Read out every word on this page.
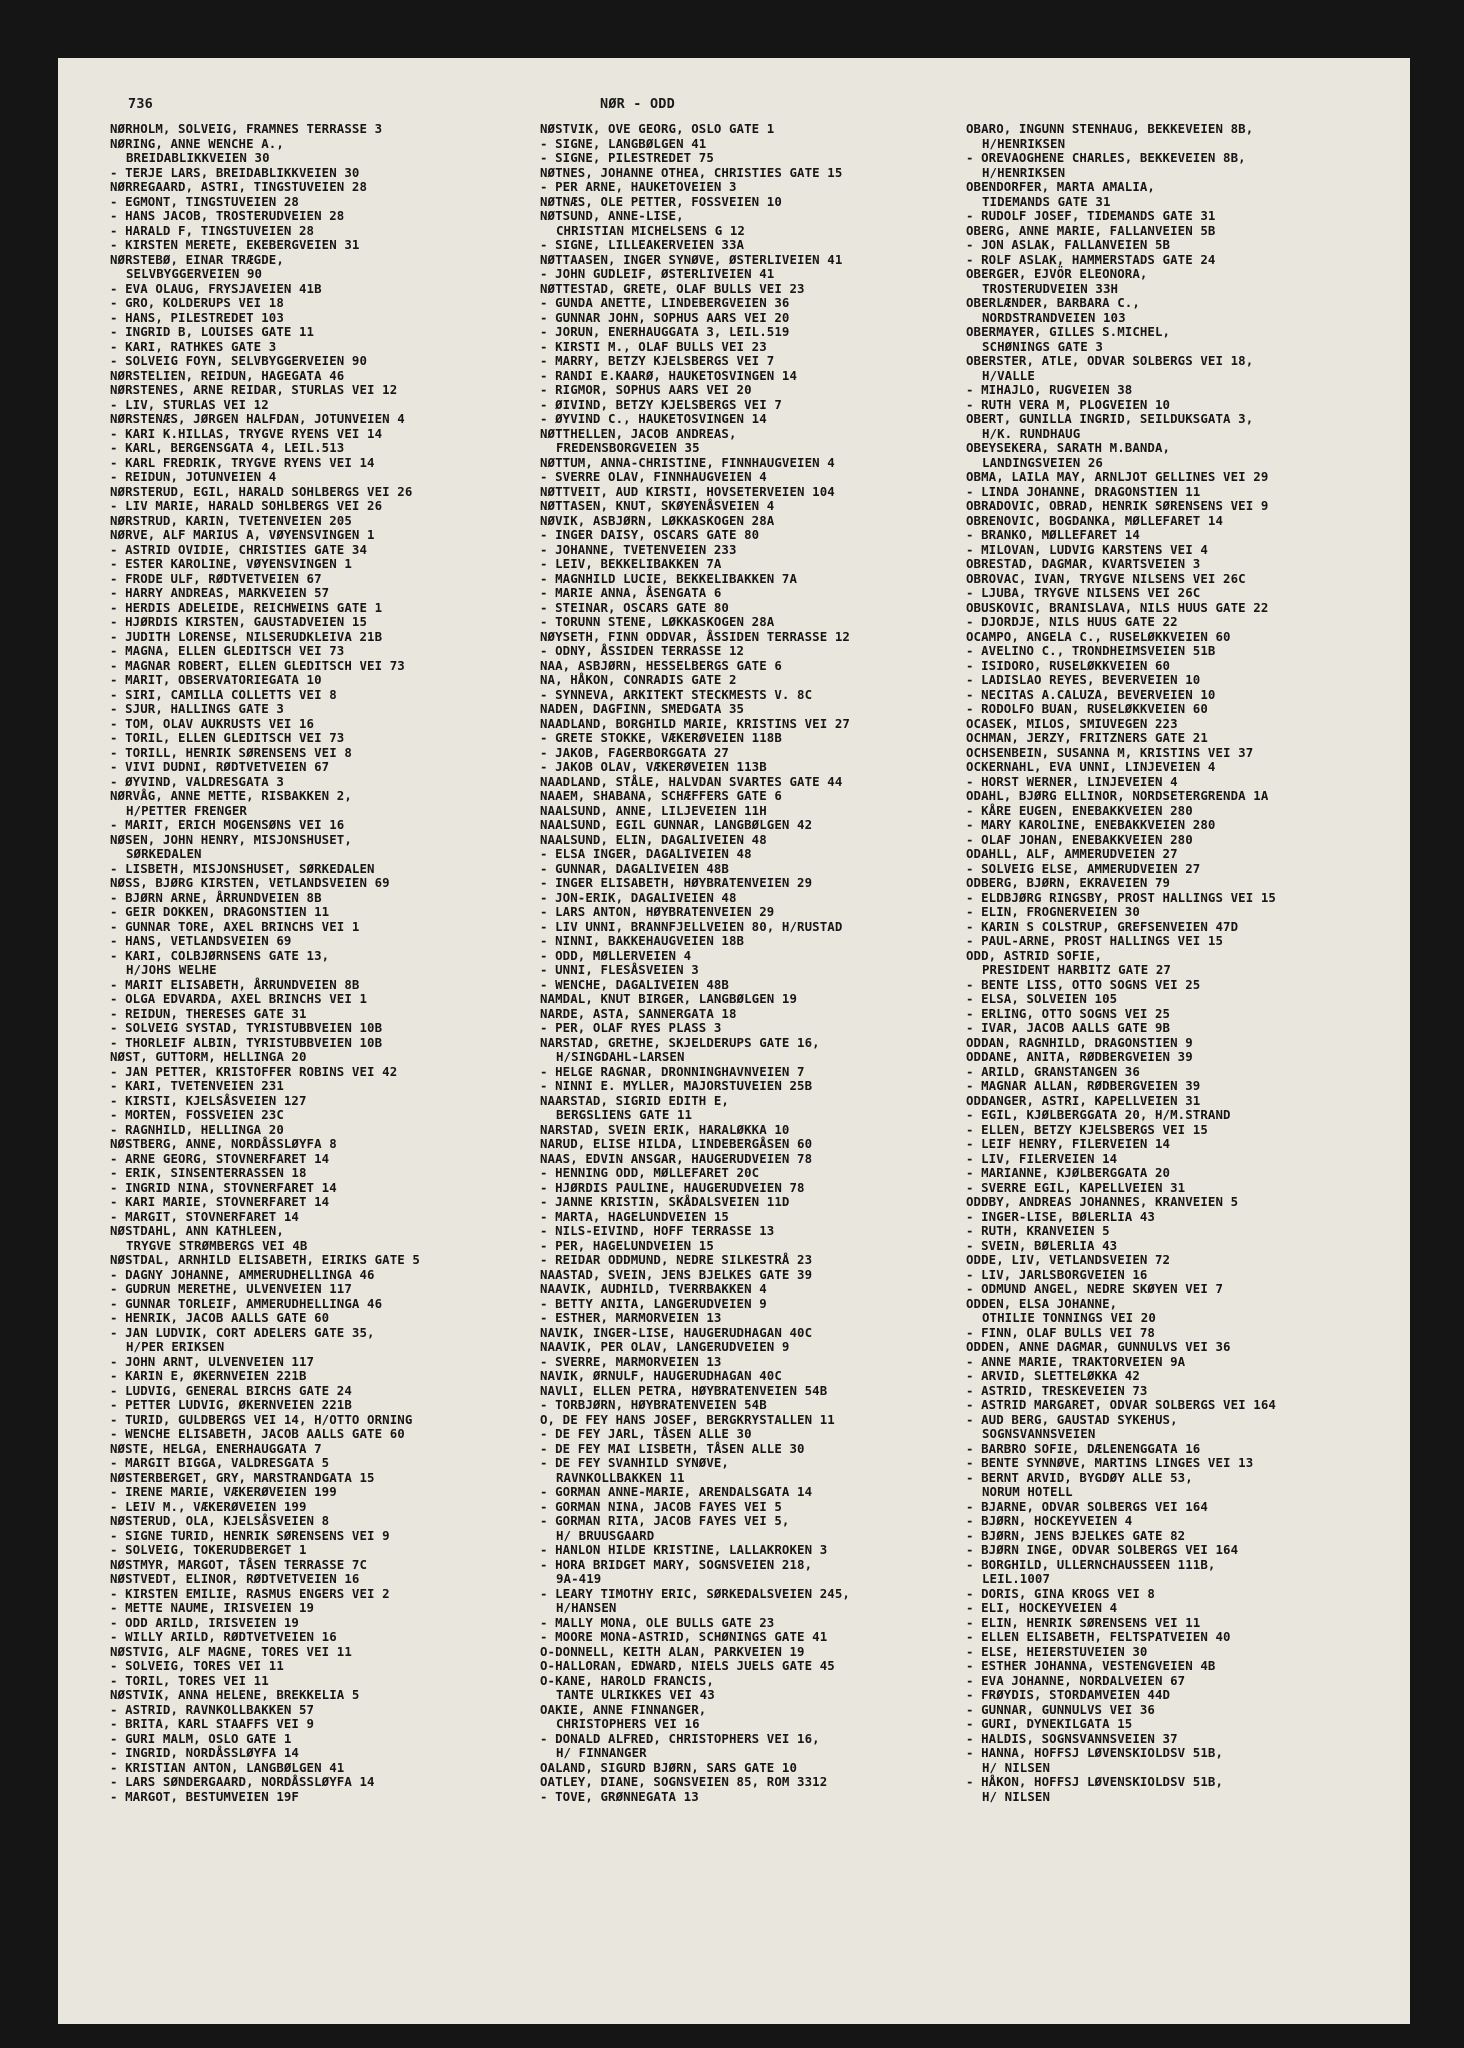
736	NØR - ODD
NØRHOLM, SOLVEIG, FRAMNES TERRASSE 3
NØRING, ANNE WENCHE A.,
BREIDABLIKKVEIEN 30
- TERJE LARS, BREIDABLIKKVEIEN 30
NØRREGAARD, ASTRI, TINGSTUVEIEN 28
- EGMONT, TINGSTUVEIEN 28
- HANS JACOB, TROSTERUDVEIEN 28
- HARALD F, TINGSTUVEIEN 28
- KIRSTEN MERETE, EKEBERGVEIEN 31
NØRSTEBØ, EINAR TRÆGDE,
SELVBYGGERVEIEN 90
- EVA OLAUG, FRYSJAVEIEN 41B
- GRO, KOLDERUPS VEI 18
- HANS, PILESTREDET 103
- INGRID B, LOUISES GATE 11
- KARI, RATHKES GATE 3
- SOLVEIG FOYN, SELVBYGGERVEIEN 90
NØRSTELIEN, REIDUN, HAGEGATA 46
NØRSTENES, ARNE REIDAR, STURLAS VEI 12
- LIV, STURLAS VEI 12
NØRSTENÆS, JØRGEN HALFDAN, JOTUNVEIEN 4
- KARI K.HILLAS, TRYGVE RYENS VEI 14
- KARL, BERGENSGATA 4, LEIL.513
- KARL FREDRIK, TRYGVE RYENS VEI 14
- REIDUN, JOTUNVEIEN 4
NØRSTERUD, EGIL, HARALD SOHLBERGS VEI 26
- LIV MARIE, HARALD SOHLBERGS VEI 26
NØRSTRUD, KARIN, TVETENVEIEN 205
NØRVE, ALF MARIUS A, VØYENSVINGEN 1
- ASTRID OVIDIE, CHRISTIES GATE 34
- ESTER KAROLINE, VØYENSVINGEN 1
- FRODE ULF, RØDTVETVEIEN 67
- HARRY ANDREAS, MARKVEIEN 57
- HERDIS ADELEIDE, REICHWEINS GATE 1
- HJØRDIS KIRSTEN, GAUSTADVEIEN 15
- JUDITH LORENSE, NILSERUDKLEIVA 21B
- MAGNA, ELLEN GLEDITSCH VEI 73
- MAGNAR ROBERT, ELLEN GLEDITSCH VEI 73
- MARIT, OBSERVATORIEGATA 10
- SIRI, CAMILLA COLLETTS VEI 8
- SJUR, HALLINGS GATE 3
- TOM, OLAV AUKRUSTS VEI 16
- TORIL, ELLEN GLEDITSCH VEI 73
- TORILL, HENRIK SØRENSENS VEI 8
- VIVI DUDNI, RØDTVETVEIEN 67
- ØYVIND, VALDRESGATA 3
NØRVÅG, ANNE METTE, RISBAKKEN 2,
H/PETTER FRENGER
- MARIT, ERICH MOGENSØNS VEI 16
NØSEN, JOHN HENRY, MISJONSHUSET,
SØRKEDALEN
- LISBETH, MISJONSHUSET, SØRKEDALEN
NØSS, BJØRG KIRSTEN, VETLANDSVEIEN 69
- BJØRN ARNE, ÅRRUNDVEIEN 8B
- GEIR DOKKEN, DRAGONSTIEN 11
- GUNNAR TORE, AXEL BRINCHS VEI 1
- HANS, VETLANDSVEIEN 69
- KARI, COLBJØRNSENS GATE 13,
H/JOHS WELHE
- MARIT ELISABETH, ÅRRUNDVEIEN 8B
- OLGA EDVARDA, AXEL BRINCHS VEI 1
- REIDUN, THERESES GATE 31
- SOLVEIG SYSTAD, TYRISTUBBVEIEN 10B
- THORLEIF ALBIN, TYRISTUBBVEIEN 10B
NØST, GUTTORM, HELLINGA 20
- JAN PETTER, KRISTOFFER ROBINS VEI 42
- KARI, TVETENVEIEN 231
- KIRSTI, KJELSÅSVEIEN 127
- MORTEN, FOSSVEIEN 23C
- RAGNHILD, HELLINGA 20
NØSTBERG, ANNE, NORDÅSSLØYFA 8
- ARNE GEORG, STOVNERFARET 14
- ERIK, SINSENTERRASSEN 18
- INGRID NINA, STOVNERFARET 14
- KARI MARIE, STOVNERFARET 14
- MARGIT, STOVNERFARET 14
NØSTDAHL, ANN KATHLEEN,
TRYGVE STRØMBERGS VEI 4B
NØSTDAL, ARNHILD ELISABETH, EIRIKS GATE 5
- DAGNY JOHANNE, AMMERUDHELLINGA 46
- GUDRUN MERETHE, ULVENVEIEN 117
- GUNNAR TORLEIF, AMMERUDHELLINGA 46
- HENRIK, JACOB AALLS GATE 60
- JAN LUDVIK, CORT ADELERS GATE 35,
H/PER ERIKSEN
- JOHN ARNT, ULVENVEIEN 117
- KARIN E, ØKERNVEIEN 221B
- LUDVIG, GENERAL BIRCHS GATE 24
- PETTER LUDVIG, ØKERNVEIEN 221B
- TURID, GULDBERGS VEI 14, H/OTTO ORNING
- WENCHE ELISABETH, JACOB AALLS GATE 60
NØSTE, HELGA, ENERHAUGGATA 7
- MARGIT BIGGA, VALDRESGATA 5
NØSTERBERGET, GRY, MARSTRANDGATA 15
- IRENE MARIE, VÆKERØVEIEN 199
- LEIV M., VÆKERØVEIEN 199
NØSTERUD, OLA, KJELSÅSVEIEN 8
- SIGNE TURID, HENRIK SØRENSENS VEI 9
- SOLVEIG, TOKERUDBERGET 1
NØSTMYR, MARGOT, TÅSEN TERRASSE 7C
NØSTVEDT, ELINOR, RØDTVETVEIEN 16
- KIRSTEN EMILIE, RASMUS ENGERS VEI 2
- METTE NAUME, IRISVEIEN 19
- ODD ARILD, IRISVEIEN 19
- WILLY ARILD, RØDTVETVEIEN 16
NØSTVIG, ALF MAGNE, TORES VEI 11
- SOLVEIG, TORES VEI 11
- TORIL, TORES VEI 11
NØSTVIK, ANNA HELENE, BREKKELIA 5
- ASTRID, RAVNKOLLBAKKEN 57
- BRITA, KARL STAAFFS VEI 9
- GURI MALM, OSLO GATE 1
- INGRID, NORDÅSSLØYFA 14
- KRISTIAN ANTON, LANGBØLGEN 41
- LARS SØNDERGAARD, NORDÅSSLØYFA 14
- MARGOT, BESTUMVEIEN 19F
NØSTVIK, OVE GEORG, OSLO GATE 1
- SIGNE, LANGBØLGEN 41
- SIGNE, PILESTREDET 75
NØTNES, JOHANNE OTHEA, CHRISTIES GATE 15
- PER ARNE, HAUKETOVEIEN 3
NØTNÆS, OLE PETTER, FOSSVEIEN 10
NØTSUND, ANNE-LISE,
CHRISTIAN MICHELSENS G 12
- SIGNE, LILLEAKERVEIEN 33A
NØTTAASEN, INGER SYNØVE, ØSTERLIVEIEN 41
- JOHN GUDLEIF, ØSTERLIVEIEN 41
NØTTESTAD, GRETE, OLAF BULLS VEI 23
- GUNDA ANETTE, LINDEBERGVEIEN 36
- GUNNAR JOHN, SOPHUS AARS VEI 20
- JORUN, ENERHAUGGATA 3, LEIL.519
- KIRSTI M., OLAF BULLS VEI 23
- MARRY, BETZY KJELSBERGS VEI 7
- RANDI E.KAARØ, HAUKETOSVINGEN 14
- RIGMOR, SOPHUS AARS VEI 20
- ØIVIND, BETZY KJELSBERGS VEI 7
- ØYVIND C., HAUKETOSVINGEN 14
NØTTHELLEN, JACOB ANDREAS,
FREDENSBORGVEIEN 35
NØTTUM, ANNA-CHRISTINE, FINNHAUGVEIEN 4
- SVERRE OLAV, FINNHAUGVEIEN 4
NØTTVEIT, AUD KIRSTI, HOVSETERVEIEN 104
NØTTASEN, KNUT, SKØYENÅSVEIEN 4
NØVIK, ASBJØRN, LØKKASKOGEN 28A
- INGER DAISY, OSCARS GATE 80
- JOHANNE, TVETENVEIEN 233
- LEIV, BEKKELIBAKKEN 7A
- MAGNHILD LUCIE, BEKKELIBAKKEN 7A
- MARIE ANNA, ÅSENGATA 6
- STEINAR, OSCARS GATE 80
- TORUNN STENE, LØKKASKOGEN 28A
NØYSETH, FINN ODDVAR, ÅSSIDEN TERRASSE 12
- ODNY, ÅSSIDEN TERRASSE 12
NAA, ASBJØRN, HESSELBERGS GATE 6
NA, HÅKON, CONRADIS GATE 2
- SYNNEVA, ARKITEKT STECKMESTS V. 8C
NADEN, DAGFINN, SMEDGATA 35
NAADLAND, BORGHILD MARIE, KRISTINS VEI 27
- GRETE STOKKE, VÆKERØVEIEN 118B
- JAKOB, FAGERBORGGATA 27
- JAKOB OLAV, VÆKERØVEIEN 113B
NAADLAND, STÅLE, HALVDAN SVARTES GATE 44
NAAEM, SHABANA, SCHÆFFERS GATE 6
NAALSUND, ANNE, LILJEVEIEN 11H
NAALSUND, EGIL GUNNAR, LANGBØLGEN 42
NAALSUND, ELIN, DAGALIVEIEN 48
- ELSA INGER, DAGALIVEIEN 48
- GUNNAR, DAGALIVEIEN 48B
- INGER ELISABETH, HØYBRATENVEIEN 29
- JON-ERIK, DAGALIVEIEN 48
- LARS ANTON, HØYBRATENVEIEN 29
- LIV UNNI, BRANNFJELLVEIEN 80, H/RUSTAD
- NINNI, BAKKEHAUGVEIEN 18B
- ODD, MØLLERVEIEN 4
- UNNI, FLESÅSVEIEN 3
- WENCHE, DAGALIVEIEN 48B
NAMDAL, KNUT BIRGER, LANGBØLGEN 19
NARDE, ASTA, SANNERGATA 18
- PER, OLAF RYES PLASS 3
NARSTAD, GRETHE, SKJELDERUPS GATE 16,
H/SINGDAHL-LARSEN
- HELGE RAGNAR, DRONNINGHAVNVEIEN 7
- NINNI E. MYLLER, MAJORSTUVEIEN 25B
NAARSTAD, SIGRID EDITH E,
BERGSLIENS GATE 11
NARSTAD, SVEIN ERIK, HARALØKKA 10
NARUD, ELISE HILDA, LINDEBERGÅSEN 60
NAAS, EDVIN ANSGAR, HAUGERUDVEIEN 78
- HENNING ODD, MØLLEFARET 20C
- HJØRDIS PAULINE, HAUGERUDVEIEN 78
- JANNE KRISTIN, SKÅDALSVEIEN 11D
- MARTA, HAGELUNDVEIEN 15
- NILS-EIVIND, HOFF TERRASSE 13
- PER, HAGELUNDVEIEN 15
- REIDAR ODDMUND, NEDRE SILKESTRÅ 23
NAASTAD, SVEIN, JENS BJELKES GATE 39
NAAVIK, AUDHILD, TVERRBAKKEN 4
- BETTY ANITA, LANGERUDVEIEN 9
- ESTHER, MARMORVEIEN 13
NAVIK, INGER-LISE, HAUGERUDHAGAN 40C
NAAVIK, PER OLAV, LANGERUDVEIEN 9
- SVERRE, MARMORVEIEN 13
NAVIK, ØRNULF, HAUGERUDHAGAN 40C
NAVLI, ELLEN PETRA, HØYBRATENVEIEN 54B
- TORBJØRN, HØYBRATENVEIEN 54B
O, DE FEY HANS JOSEF, BERGKRYSTALLEN 11
- DE FEY JARL, TÅSEN ALLE 30
- DE FEY MAI LISBETH, TÅSEN ALLE 30
- DE FEY SVANHILD SYNØVE,
RAVNKOLLBAKKEN 11
- GORMAN ANNE-MARIE, ARENDALSGATA 14
- GORMAN NINA, JACOB FAYES VEI 5
- GORMAN RITA, JACOB FAYES VEI 5,
H/ BRUUSGAARD
- HANLON HILDE KRISTINE, LALLAKROKEN 3
- HORA BRIDGET MARY, SOGNSVEIEN 218,
9A-419
- LEARY TIMOTHY ERIC, SØRKEDALSVEIEN 245,
H/HANSEN
- MALLY MONA, OLE BULLS GATE 23
- MOORE MONA-ASTRID, SCHØNINGS GATE 41
O-DONNELL, KEITH ALAN, PARKVEIEN 19
O-HALLORAN, EDWARD, NIELS JUELS GATE 45
O-KANE, HAROLD FRANCIS,
TANTE ULRIKKES VEI 43
OAKIE, ANNE FINNANGER,
CHRISTOPHERS VEI 16
- DONALD ALFRED, CHRISTOPHERS VEI 16,
H/ FINNANGER
OALAND, SIGURD BJØRN, SARS GATE 10
OATLEY, DIANE, SOGNSVEIEN 85, ROM 3312
- TOVE, GRØNNEGATA 13
OBARO, INGUNN STENHAUG, BEKKEVEIEN 8B,
H/HENRIKSEN
- OREVAOGHENE CHARLES, BEKKEVEIEN 8B,
H/HENRIKSEN
OBENDORFER, MARTA AMALIA,
TIDEMANDS GATE 31
- RUDOLF JOSEF, TIDEMANDS GATE 31
OBERG, ANNE MARIE, FALLANVEIEN 5B
- JON ASLAK, FALLANVEIEN 5B
- ROLF ASLAK, HAMMERSTADS GATE 24
OBERGER, EJVÖR ELEONORA,
TROSTERUDVEIEN 33H
OBERLÆNDER, BARBARA C.,
NORDSTRANDVEIEN 103
OBERMAYER, GILLES S.MICHEL,
SCHØNINGS GATE 3
OBERSTER, ATLE, ODVAR SOLBERGS VEI 18,
H/VALLE
- MIHAJLO, RUGVEIEN 38
- RUTH VERA M, PLOGVEIEN 10
OBERT, GUNILLA INGRID, SEILDUKSGATA 3,
H/K. RUNDHAUG
OBEYSEKERA, SARATH M.BANDA,
LANDINGSVEIEN 26
OBMA, LAILA MAY, ARNLJOT GELLINES VEI 29
- LINDA JOHANNE, DRAGONSTIEN 11
OBRADOVIC, OBRAD, HENRIK SØRENSENS VEI 9
OBRENOVIC, BOGDANKA, MØLLEFARET 14
- BRANKO, MØLLEFARET 14
- MILOVAN, LUDVIG KARSTENS VEI 4
OBRESTAD, DAGMAR, KVARTSVEIEN 3
OBROVAC, IVAN, TRYGVE NILSENS VEI 26C
- LJUBA, TRYGVE NILSENS VEI 26C
OBUSKOVIC, BRANISLAVA, NILS HUUS GATE 22
- DJORDJE, NILS HUUS GATE 22
OCAMPO, ANGELA C., RUSELØKKVEIEN 60
- AVELINO C., TRONDHEIMSVEIEN 51B
- ISIDORO, RUSELØKKVEIEN 60
- LADISLAO REYES, BEVERVEIEN 10
- NECITAS A.CALUZA, BEVERVEIEN 10
- RODOLFO BUAN, RUSELØKKVEIEN 60
OCASEK, MILOS, SMIUVEGEN 223
OCHMAN, JERZY, FRITZNERS GATE 21
OCHSENBEIN, SUSANNA M, KRISTINS VEI 37
OCKERNAHL, EVA UNNI, LINJEVEIEN 4
- HORST WERNER, LINJEVEIEN 4
ODAHL, BJØRG ELLINOR, NORDSETERGRENDA 1A
- KÅRE EUGEN, ENEBAKKVEIEN 280
- MARY KAROLINE, ENEBAKKVEIEN 280
- OLAF JOHAN, ENEBAKKVEIEN 280
ODAHLL, ALF, AMMERUDVEIEN 27
- SOLVEIG ELSE, AMMERUDVEIEN 27
ODBERG, BJØRN, EKRAVEIEN 79
- ELDBJØRG RINGSBY, PROST HALLINGS VEI 15
- ELIN, FROGNERVEIEN 30
- KARIN S COLSTRUP, GREFSENVEIEN 47D
- PAUL-ARNE, PROST HALLINGS VEI 15
ODD, ASTRID SOFIE,
PRESIDENT HARBITZ GATE 27
- BENTE LISS, OTTO SOGNS VEI 25
- ELSA, SOLVEIEN 105
- ERLING, OTTO SOGNS VEI 25
- IVAR, JACOB AALLS GATE 9B
ODDAN, RAGNHILD, DRAGONSTIEN 9
ODDANE, ANITA, RØDBERGVEIEN 39
- ARILD, GRANSTANGEN 36
- MAGNAR ALLAN, RØDBERGVEIEN 39
ODDANGER, ASTRI, KAPELLVEIEN 31
- EGIL, KJØLBERGGATA 20, H/M.STRAND
- ELLEN, BETZY KJELSBERGS VEI 15
- LEIF HENRY, FILERVEIEN 14
- LIV, FILERVEIEN 14
- MARIANNE, KJØLBERGGATA 20
- SVERRE EGIL, KAPELLVEIEN 31
ODDBY, ANDREAS JOHANNES, KRANVEIEN 5
- INGER-LISE, BØLERLIA 43
- RUTH, KRANVEIEN 5
- SVEIN, BØLERLIA 43
ODDE, LIV, VETLANDSVEIEN 72
- LIV, JARLSBORGVEIEN 16
- ODMUND ANGEL, NEDRE SKØYEN VEI 7
ODDEN, ELSA JOHANNE,
OTHILIE TONNINGS VEI 20
- FINN, OLAF BULLS VEI 78
ODDEN, ANNE DAGMAR, GUNNULVS VEI 36
- ANNE MARIE, TRAKTORVEIEN 9A
- ARVID, SLETTELØKKA 42
- ASTRID, TRESKEVEIEN 73
- ASTRID MARGARET, ODVAR SOLBERGS VEI 164
- AUD BERG, GAUSTAD SYKEHUS,
SOGNSVANNSVEIEN
- BARBRO SOFIE, DÆLENENGGATA 16
- BENTE SYNNØVE, MARTINS LINGES VEI 13
- BERNT ARVID, BYGDØY ALLE 53,
NORUM HOTELL
- BJARNE, ODVAR SOLBERGS VEI 164
- BJØRN, HOCKEYVEIEN 4
- BJØRN, JENS BJELKES GATE 82
- BJØRN INGE, ODVAR SOLBERGS VEI 164
- BORGHILD, ULLERNCHAUSSEEN 111B,
LEIL.1007
- DORIS, GINA KROGS VEI 8
- ELI, HOCKEYVEIEN 4
- ELIN, HENRIK SØRENSENS VEI 11
- ELLEN ELISABETH, FELTSPATVEIEN 40
- ELSE, HEIERSTUVEIEN 30
- ESTHER JOHANNA, VESTENGVEIEN 4B
- EVA JOHANNE, NORDALVEIEN 67
- FRØYDIS, STORDAMVEIEN 44D
- GUNNAR, GUNNULVS VEI 36
- GURI, DYNEKILGATA 15
- HALDIS, SOGNSVANNSVEIEN 37
- HANNA, HOFFSJ LØVENSKIOLDSV 51B,
H/ NILSEN
- HÅKON, HOFFSJ LØVENSKIOLDSV 51B,
H/ NILSEN
